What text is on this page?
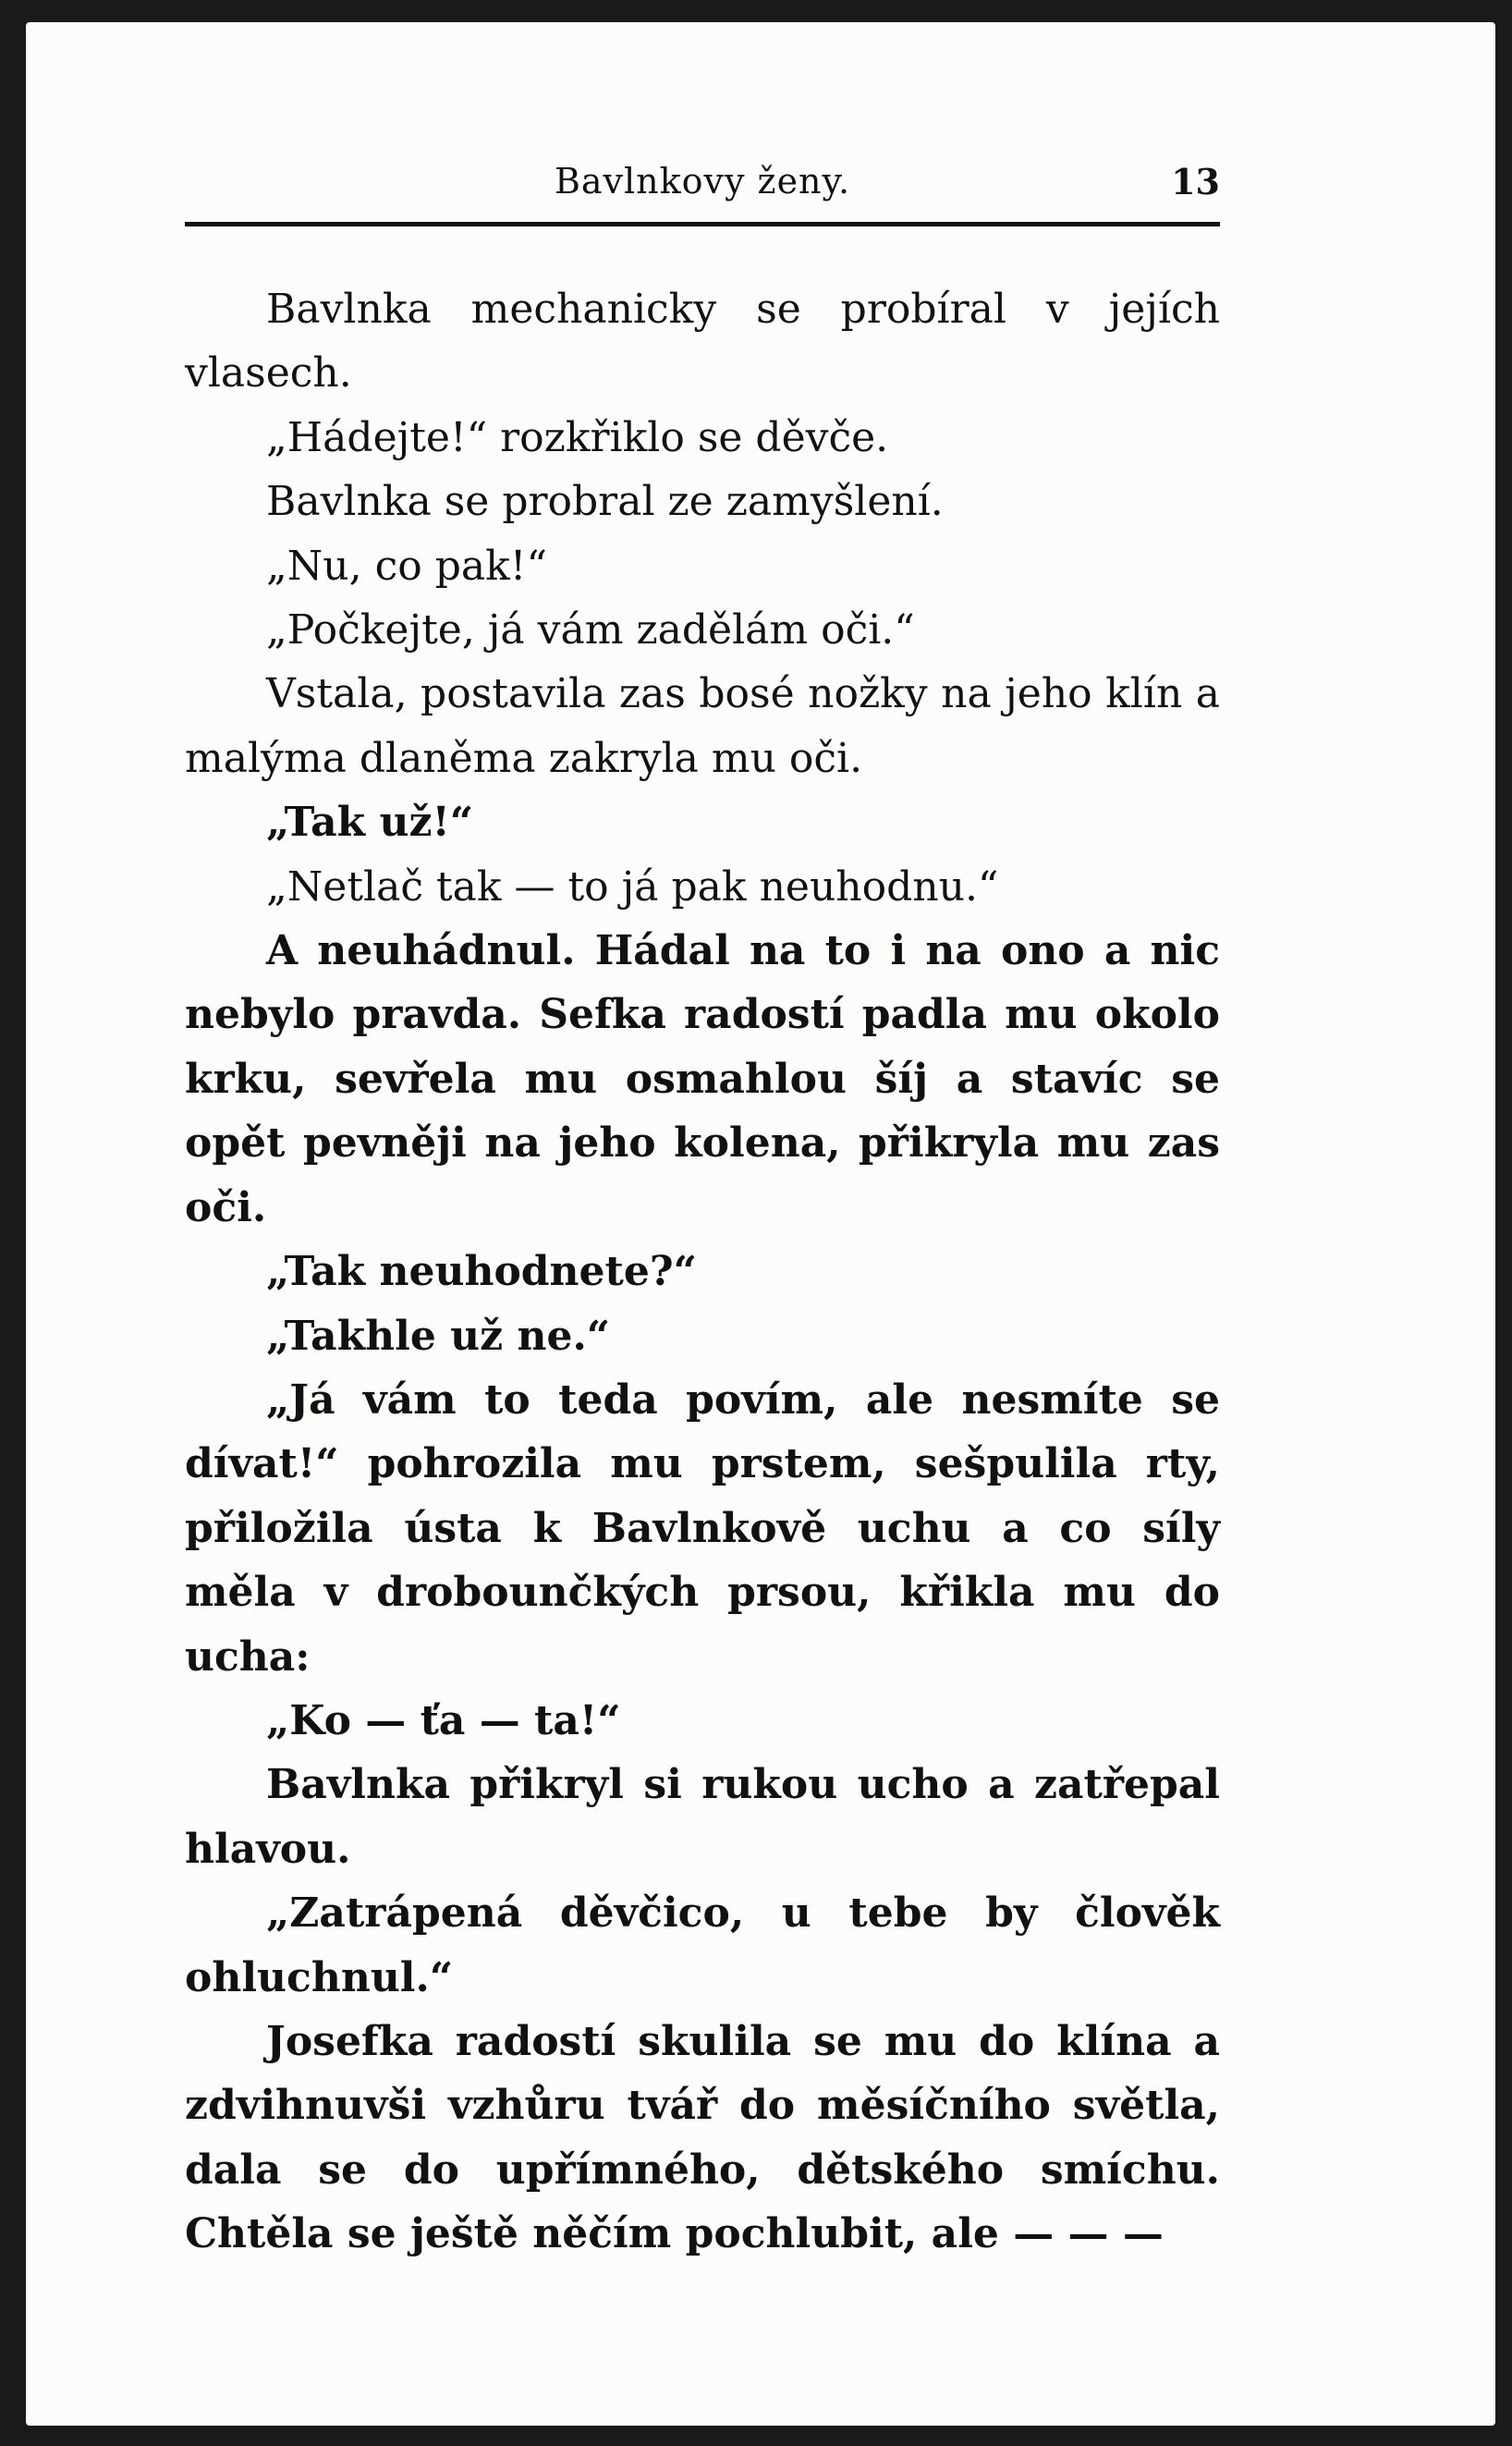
Bavlnkovy ženy.	13

Bavlnka mechanicky se probíral v jejích vlasech.

„Hádejte!“ rozkřiklo se děvče.

Bavlnka se probral ze zamyšlení.

„Nu, co pak!“

„Počkejte, já vám zadělám oči.“

Vstala, postavila zas bosé nožky na jeho klín a malýma dlaněma zakryla mu oči.

„Tak už!“

„Netlač tak — to já pak neuhodnu.“

A neuhádnul. Hádal na to i na ono a nic nebylo pravda. Sefka radostí padla mu okolo krku, sevřela mu osmahlou šíj a stavíc se opět pevněji na jeho kolena, přikryla mu zas oči.

„Tak neuhodnete?“

„Takhle už ne.“

„Já vám to teda povím, ale nesmíte se dívat!“ pohrozila mu prstem, sešpulila rty, přiložila ústa k Bavlnkově uchu a co síly měla v drobounčkých prsou, křikla mu do ucha:

„Ko — ťa — ta!“

Bavlnka přikryl si rukou ucho a zatřepal hlavou.

„Zatrápená děvčico, u tebe by člověk ohluchnul.“

Josefka radostí skulila se mu do klína a zdvihnuvši vzhůru tvář do měsíčního světla, dala se do upřímného, dětského smíchu. Chtěla se ještě něčím pochlubit, ale — — —
